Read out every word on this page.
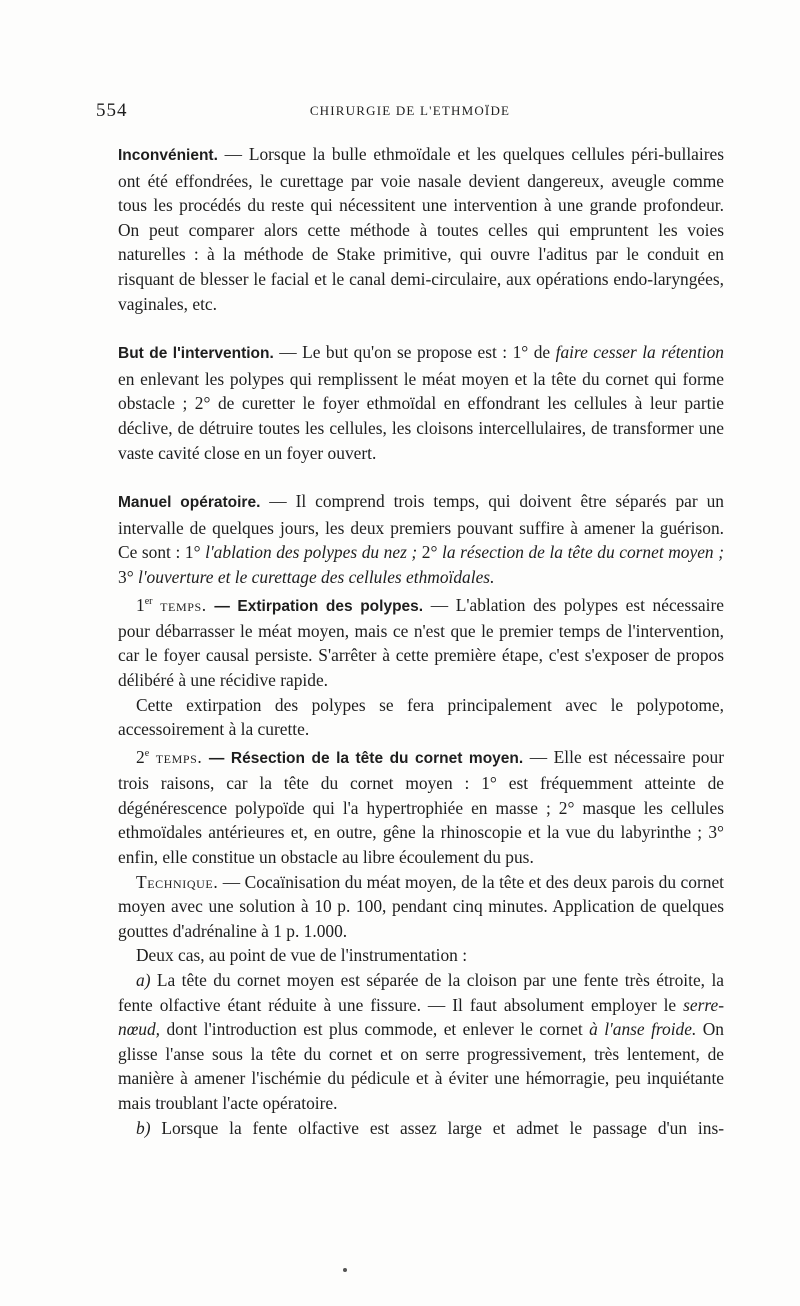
554	CHIRURGIE DE L'ETHMOÏDE

Inconvénient. — Lorsque la bulle ethmoïdale et les quelques cellules péri-bullaires ont été effondrées, le curettage par voie nasale devient dangereux, aveugle comme tous les procédés du reste qui nécessitent une intervention à une grande profondeur. On peut comparer alors cette méthode à toutes celles qui empruntent les voies naturelles : à la méthode de Stake primitive, qui ouvre l'aditus par le conduit en risquant de blesser le facial et le canal demi-circulaire, aux opérations endo-laryngées, vaginales, etc.

But de l'intervention. — Le but qu'on se propose est : 1° de faire cesser la rétention en enlevant les polypes qui remplissent le méat moyen et la tête du cornet qui forme obstacle ; 2° de curetter le foyer ethmoïdal en effondrant les cellules à leur partie déclive, de détruire toutes les cellules, les cloisons intercellulaires, de transformer une vaste cavité close en un foyer ouvert.

Manuel opératoire. — Il comprend trois temps, qui doivent être séparés par un intervalle de quelques jours, les deux premiers pouvant suffire à amener la guérison. Ce sont : 1° l'ablation des polypes du nez ; 2° la résection de la tête du cornet moyen ; 3° l'ouverture et le curettage des cellules ethmoïdales.

1er temps. — Extirpation des polypes. — L'ablation des polypes est nécessaire pour débarrasser le méat moyen, mais ce n'est que le premier temps de l'intervention, car le foyer causal persiste. S'arrêter à cette première étape, c'est s'exposer de propos délibéré à une récidive rapide.

Cette extirpation des polypes se fera principalement avec le polypotome, accessoirement à la curette.

2e temps. — Résection de la tête du cornet moyen. — Elle est nécessaire pour trois raisons, car la tête du cornet moyen : 1° est fréquemment atteinte de dégénérescence polypoïde qui l'a hypertrophiée en masse ; 2° masque les cellules ethmoïdales antérieures et, en outre, gêne la rhinoscopie et la vue du labyrinthe ; 3° enfin, elle constitue un obstacle au libre écoulement du pus.

Technique. — Cocaïnisation du méat moyen, de la tête et des deux parois du cornet moyen avec une solution à 10 p. 100, pendant cinq minutes. Application de quelques gouttes d'adrénaline à 1 p. 1.000.

Deux cas, au point de vue de l'instrumentation :

a) La tête du cornet moyen est séparée de la cloison par une fente très étroite, la fente olfactive étant réduite à une fissure. — Il faut absolument employer le serre-nœud, dont l'introduction est plus commode, et enlever le cornet à l'anse froide. On glisse l'anse sous la tête du cornet et on serre progressivement, très lentement, de manière à amener l'ischémie du pédicule et à éviter une hémorragie, peu inquiétante mais troublant l'acte opératoire.

b) Lorsque la fente olfactive est assez large et admet le passage d'un ins-
